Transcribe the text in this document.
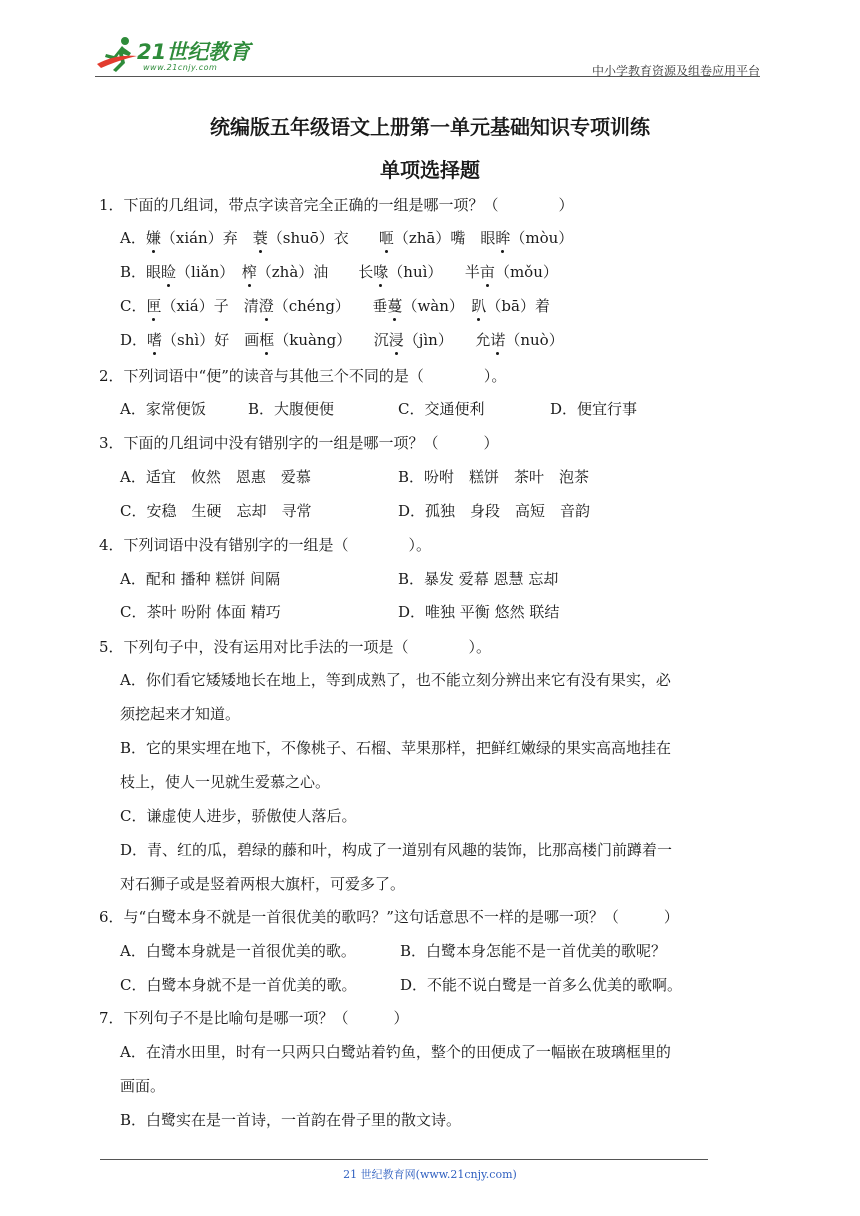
21世纪教育
www.21cnjy.com	中小学教育资源及组卷应用平台
统编版五年级语文上册第一单元基础知识专项训练
单项选择题
1．下面的几组词，带点字读音完全正确的一组是哪一项？（　　　　）
A．嫌（xián）弃　蓑（shuō）衣　　咂（zhā）嘴　眼眸（mòu）
B．眼睑（liǎn）　榨（zhà）油　　长喙（huì）　　半亩（mǒu）
C．匣（xiá）子　清澄（chéng）　　垂蔓（wàn）　趴（bā）着
D．嗜（shì）好　画框（kuàng）　　沉浸（jìn）　　允诺（nuò）
2．下列词语中“便”的读音与其他三个不同的是（　　　　）。
A．家常便饭	B．大腹便便	C．交通便利	D．便宜行事
3．下面的几组词中没有错别字的一组是哪一项？（　　　）
A．适宜　攸然　恩惠　爱慕	B．吩咐　糕饼　茶叶　泡茶
C．安稳　生硬　忘却　寻常	D．孤独　身段　高短　音韵
4．下列词语中没有错别字的一组是（　　　　）。
A．配和 播种 糕饼 间隔	B．暴发 爱幕 恩慧 忘却
C．茶叶 吩附 体面 精巧	D．唯独 平衡 悠然 联结
5．下列句子中，没有运用对比手法的一项是（　　　　）。
A．你们看它矮矮地长在地上，等到成熟了，也不能立刻分辨出来它有没有果实，必
须挖起来才知道。
B．它的果实埋在地下，不像桃子、石榴、苹果那样，把鲜红嫩绿的果实高高地挂在
枝上，使人一见就生爱慕之心。
C．谦虚使人进步，骄傲使人落后。
D．青、红的瓜，碧绿的藤和叶，构成了一道别有风趣的装饰，比那高楼门前蹲着一
对石狮子或是竖着两根大旗杆，可爱多了。
6．与“白鹭本身不就是一首很优美的歌吗？”这句话意思不一样的是哪一项？（　　　）
A．白鹭本身就是一首很优美的歌。	B．白鹭本身怎能不是一首优美的歌呢？
C．白鹭本身就不是一首优美的歌。	D．不能不说白鹭是一首多么优美的歌啊。
7．下列句子不是比喻句是哪一项？（　　　）
A．在清水田里，时有一只两只白鹭站着钓鱼，整个的田便成了一幅嵌在玻璃框里的
画面。
B．白鹭实在是一首诗，一首韵在骨子里的散文诗。
21 世纪教育网(www.21cnjy.com)
